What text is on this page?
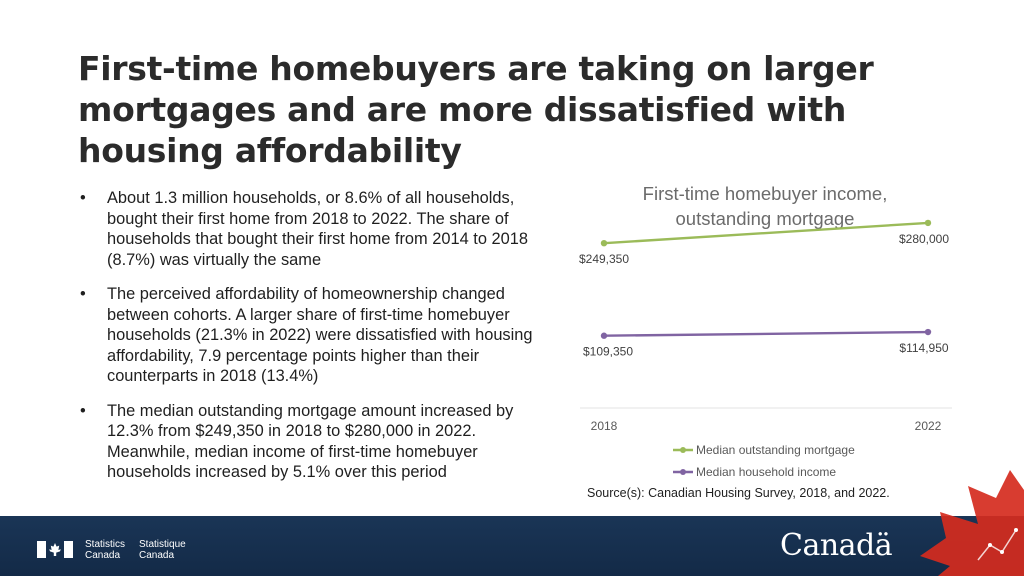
First-time homebuyers are taking on larger mortgages and are more dissatisfied with housing affordability
• About 1.3 million households, or 8.6% of all households, bought their first home from 2018 to 2022. The share of households that bought their first home from 2014 to 2018 (8.7%) was virtually the same
• The perceived affordability of homeownership changed between cohorts. A larger share of first-time homebuyer households (21.3% in 2022) were dissatisfied with housing affordability, 7.9 percentage points higher than their counterparts in 2018 (13.4%)
• The median outstanding mortgage amount increased by 12.3% from $249,350 in 2018 to $280,000 in 2022. Meanwhile, median income of first-time homebuyer households increased by 5.1% over this period
First-time homebuyer income, outstanding mortgage
2018	2022
$249,350
$280,000
$109,350	$114,950
Median outstanding mortgage
Median household income
Source(s): Canadian Housing Survey, 2018, and 2022.
Statistics
Canada
Statistique
Canada	Canadä
